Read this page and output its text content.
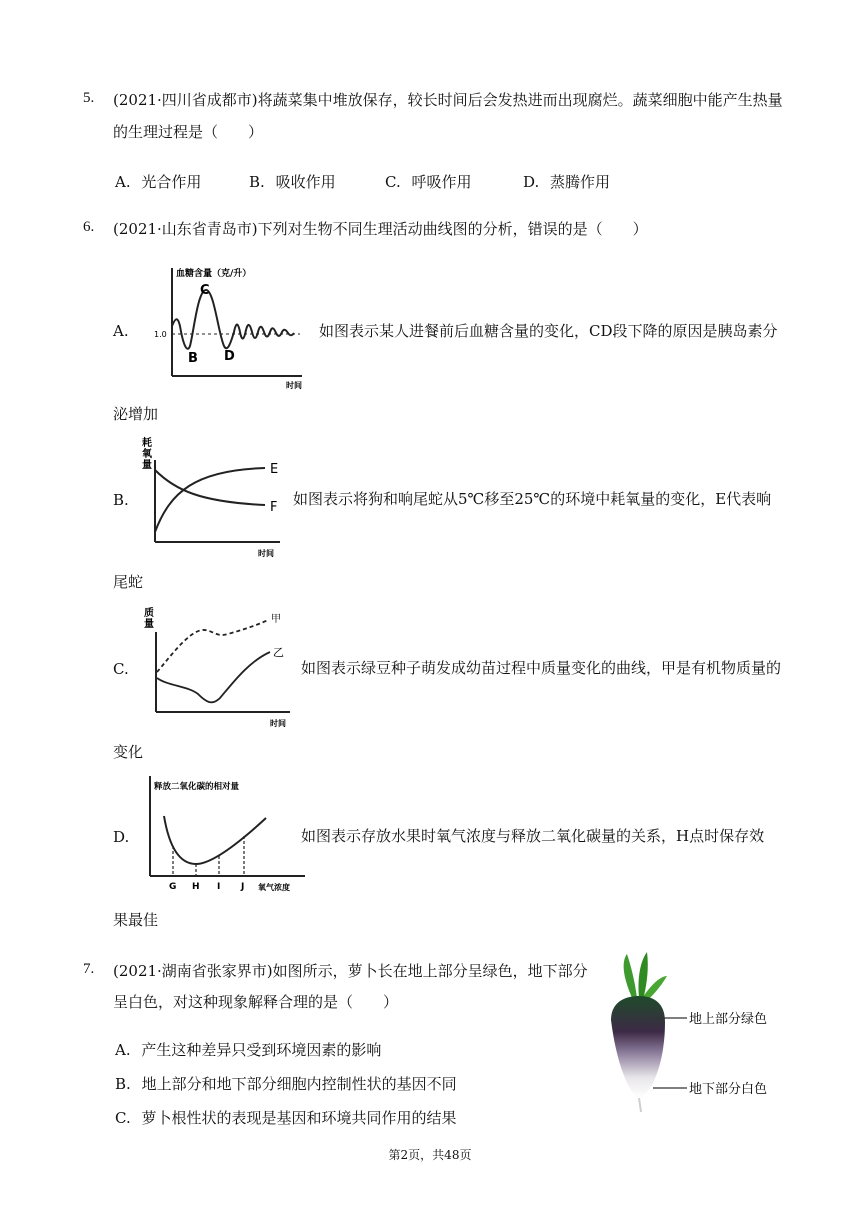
5. (2021·四川省成都市)将蔬菜集中堆放保存，较长时间后会发热进而出现腐烂。蔬菜细胞中能产生热量
的生理过程是（　　）
A. 光合作用	B. 吸收作用	C. 呼吸作用	D. 蒸腾作用
6. (2021·山东省青岛市)下列对生物不同生理活动曲线图的分析，错误的是（　　）
A.
血糖含量（克/升）
时间
1.0
B
C
D
如图表示某人进餐前后血糖含量的变化，CD段下降的原因是胰岛素分
泌增加
B.
耗
氧
量
时间
E
F 如图表示将狗和响尾蛇从5℃移至25℃的环境中耗氧量的变化，E代表响
尾蛇
C.
质
量
时间
甲
乙
如图表示绿豆种子萌发成幼苗过程中质量变化的曲线，甲是有机物质量的
变化
D.
释放二氧化碳的相对量
氧气浓度
G H I J
如图表示存放水果时氧气浓度与释放二氧化碳量的关系，H点时保存效
果最佳
7. (2021·湖南省张家界市)如图所示，萝卜长在地上部分呈绿色，地下部分
呈白色，对这种现象解释合理的是（　　）
A. 产生这种差异只受到环境因素的影响
B. 地上部分和地下部分细胞内控制性状的基因不同
C. 萝卜根性状的表现是基因和环境共同作用的结果
地上部分绿色
地下部分白色
第2页，共48页
